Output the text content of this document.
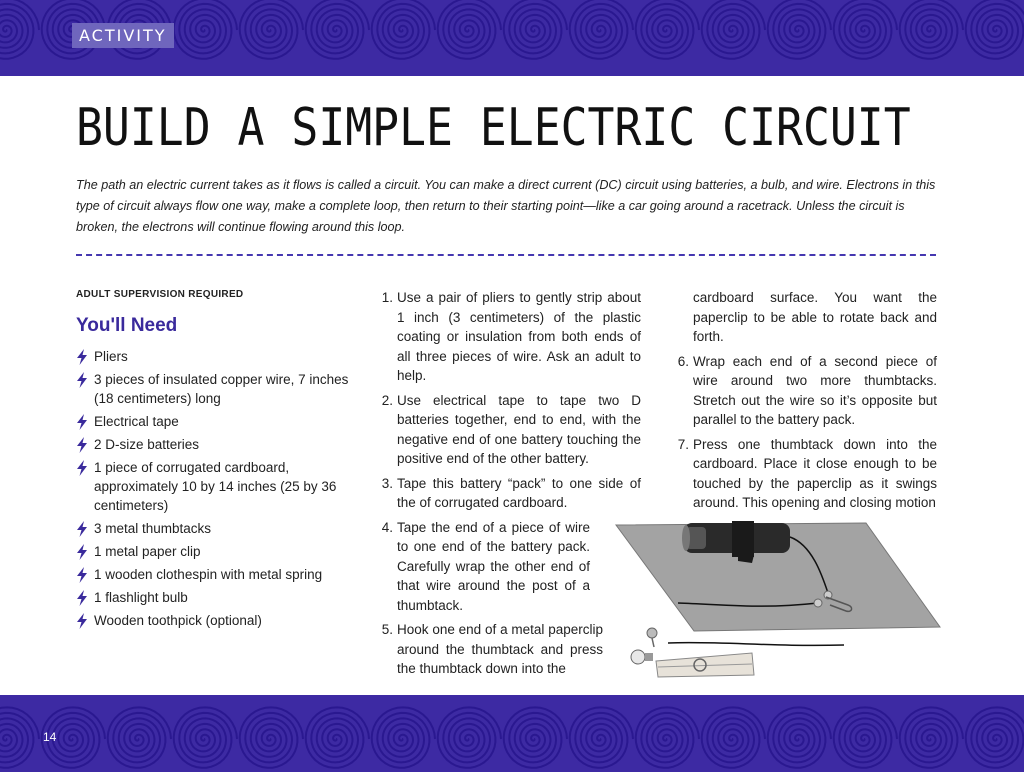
ACTIVITY
BUILD A SIMPLE ELECTRIC CIRCUIT

The path an electric current takes as it flows is called a circuit. You can make a direct current (DC) circuit using batteries, a bulb, and wire. Electrons in this type of circuit always flow one way, make a complete loop, then return to their starting point—like a car going around a racetrack. Unless the circuit is broken, the electrons will continue flowing around this loop.

ADULT SUPERVISION REQUIRED
You'll Need
Pliers
3 pieces of insulated copper wire, 7 inches (18 centimeters) long
Electrical tape
2 D-size batteries
1 piece of corrugated cardboard, approximately 10 by 14 inches (25 by 36 centimeters)
3 metal thumbtacks
1 metal paper clip
1 wooden clothespin with metal spring
1 flashlight bulb
Wooden toothpick (optional)
1. Use a pair of pliers to gently strip about 1 inch (3 centimeters) of the plastic coating or insulation from both ends of all three pieces of wire. Ask an adult to help.
2. Use electrical tape to tape two D batteries together, end to end, with the negative end of one battery touching the positive end of the other battery.
3. Tape this battery “pack” to one side of the of corrugated cardboard.
4. Tape the end of a piece of wire to one end of the battery pack. Carefully wrap the other end of that wire around the post of a thumbtack.
5. Hook one end of a metal paperclip around the thumbtack and press the thumbtack down into the
cardboard surface. You want the paperclip to be able to rotate back and forth.
6. Wrap each end of a second piece of wire around two more thumbtacks. Stretch out the wire so it’s opposite but parallel to the battery pack.
7. Press one thumbtack down into the cardboard. Place it close enough to be touched by the paperclip as it swings around. This opening and closing motion
14
